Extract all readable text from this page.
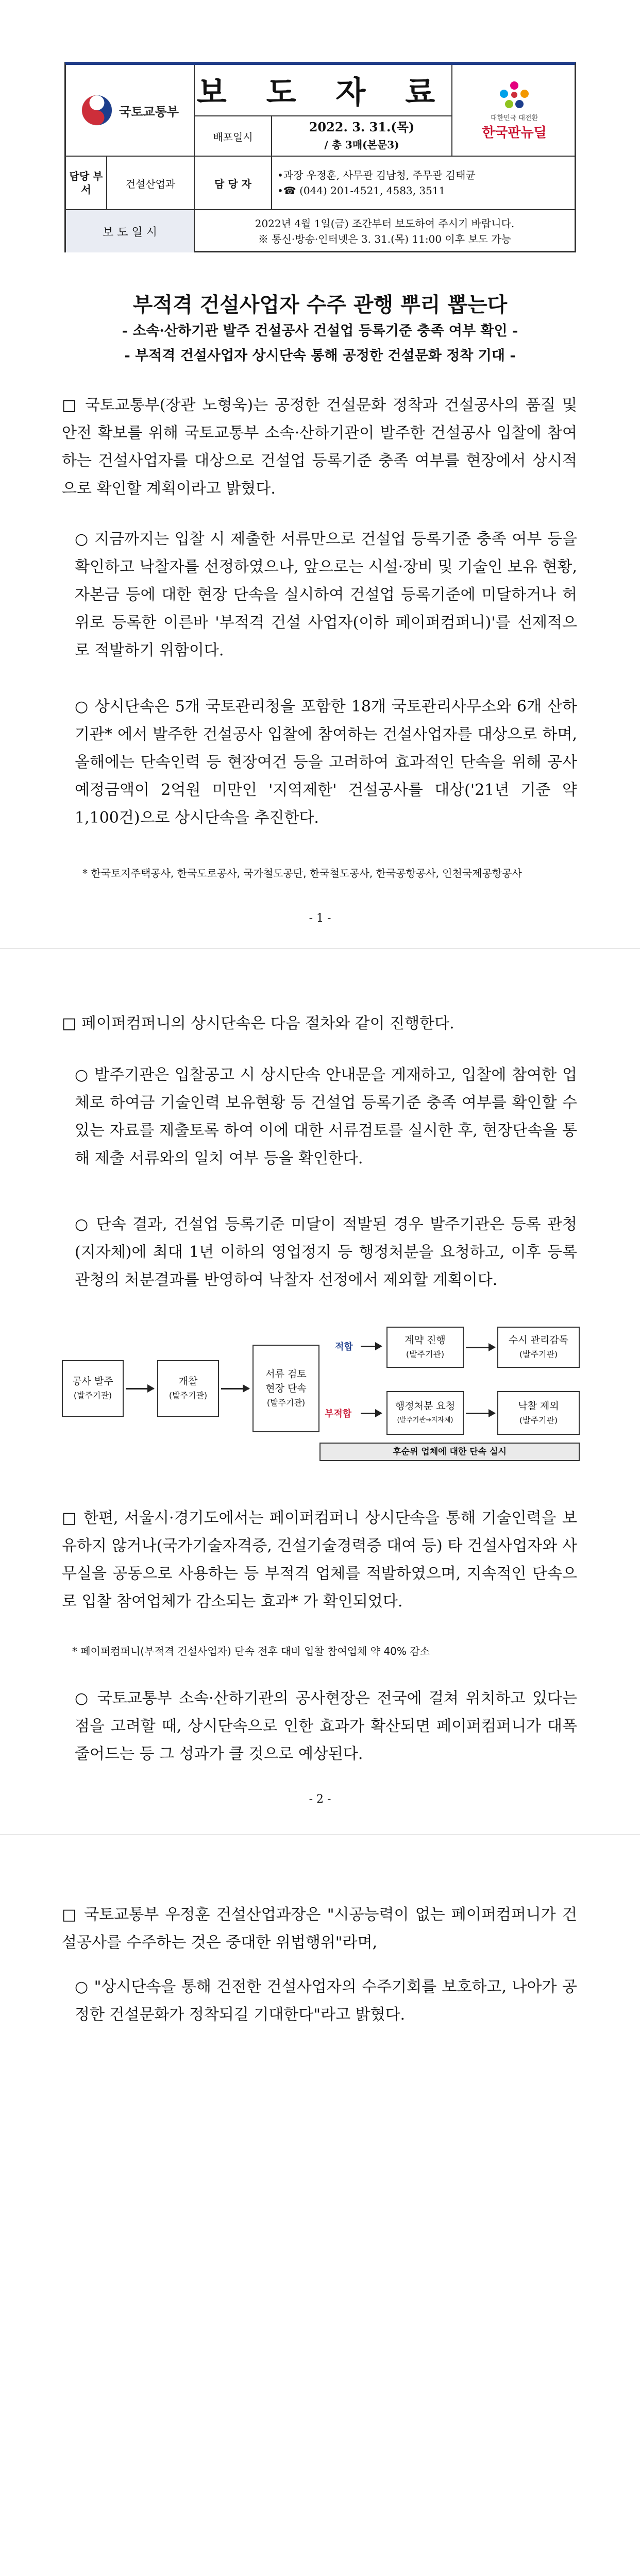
국토교통부
보 도 자 료
대한민국 대전환
한국판뉴딜
배포일시
2022. 3. 31.(목)
/ 총 3매(본문3)
담당 부서	건설산업과	담 당 자
•과장 우정훈, 사무관 김남청, 주무관 김태균
•☎ (044) 201-4521, 4583, 3511
보 도 일 시
2022년 4월 1일(금) 조간부터 보도하여 주시기 바랍니다.
※ 통신·방송·인터넷은 3. 31.(목) 11:00 이후 보도 가능
부적격 건설사업자 수주 관행 뿌리 뽑는다
- 소속·산하기관 발주 건설공사 건설업 등록기준 충족 여부 확인 -
- 부적격 건설사업자 상시단속 통해 공정한 건설문화 정착 기대 -
□ 국토교통부(장관 노형욱)는 공정한 건설문화 정착과 건설공사의 품질 및 안전 확보를 위해 국토교통부 소속·산하기관이 발주한 건설공사 입찰에 참여하는 건설사업자를 대상으로 건설업 등록기준 충족 여부를 현장에서 상시적으로 확인할 계획이라고 밝혔다.
○ 지금까지는 입찰 시 제출한 서류만으로 건설업 등록기준 충족 여부 등을 확인하고 낙찰자를 선정하였으나, 앞으로는 시설·장비 및 기술인 보유 현황, 자본금 등에 대한 현장 단속을 실시하여 건설업 등록기준에 미달하거나 허위로 등록한 이른바 '부적격 건설 사업자(이하 페이퍼컴퍼니)'를 선제적으로 적발하기 위함이다.
○ 상시단속은 5개 국토관리청을 포함한 18개 국토관리사무소와 6개 산하기관* 에서 발주한 건설공사 입찰에 참여하는 건설사업자를 대상으로 하며, 올해에는 단속인력 등 현장여건 등을 고려하여 효과적인 단속을 위해 공사예정금액이 2억원 미만인 '지역제한' 건설공사를 대상('21년 기준 약 1,100건)으로 상시단속을 추진한다.
* 한국토지주택공사, 한국도로공사, 국가철도공단, 한국철도공사, 한국공항공사, 인천국제공항공사
- 1 -
□ 페이퍼컴퍼니의 상시단속은 다음 절차와 같이 진행한다.
○ 발주기관은 입찰공고 시 상시단속 안내문을 게재하고, 입찰에 참여한 업체로 하여금 기술인력 보유현황 등 건설업 등록기준 충족 여부를 확인할 수 있는 자료를 제출토록 하여 이에 대한 서류검토를 실시한 후, 현장단속을 통해 제출 서류와의 일치 여부 등을 확인한다.
○ 단속 결과, 건설업 등록기준 미달이 적발된 경우 발주기관은 등록 관청(지자체)에 최대 1년 이하의 영업정지 등 행정처분을 요청하고, 이후 등록관청의 처분결과를 반영하여 낙찰자 선정에서 제외할 계획이다.
공사 발주
(발주기관)
개찰
(발주기관)
서류 검토
현장 단속
(발주기관)
적합
부적합
계약 진행
(발주기관)
수시 관리감독
(발주기관)
행정처분 요청
(발주기관→지자체)
낙찰 제외
(발주기관)
후순위 업체에 대한 단속 실시
□ 한편, 서울시·경기도에서는 페이퍼컴퍼니 상시단속을 통해 기술인력을 보유하지 않거나(국가기술자격증, 건설기술경력증 대여 등) 타 건설사업자와 사무실을 공동으로 사용하는 등 부적격 업체를 적발하였으며, 지속적인 단속으로 입찰 참여업체가 감소되는 효과* 가 확인되었다.
* 페이퍼컴퍼니(부적격 건설사업자) 단속 전후 대비 입찰 참여업체 약 40% 감소
○ 국토교통부 소속·산하기관의 공사현장은 전국에 걸쳐 위치하고 있다는 점을 고려할 때, 상시단속으로 인한 효과가 확산되면 페이퍼컴퍼니가 대폭 줄어드는 등 그 성과가 클 것으로 예상된다.
- 2 -
□ 국토교통부 우정훈 건설산업과장은 "시공능력이 없는 페이퍼컴퍼니가 건설공사를 수주하는 것은 중대한 위법행위"라며,
○ "상시단속을 통해 건전한 건설사업자의 수주기회를 보호하고, 나아가 공정한 건설문화가 정착되길 기대한다"라고 밝혔다.
